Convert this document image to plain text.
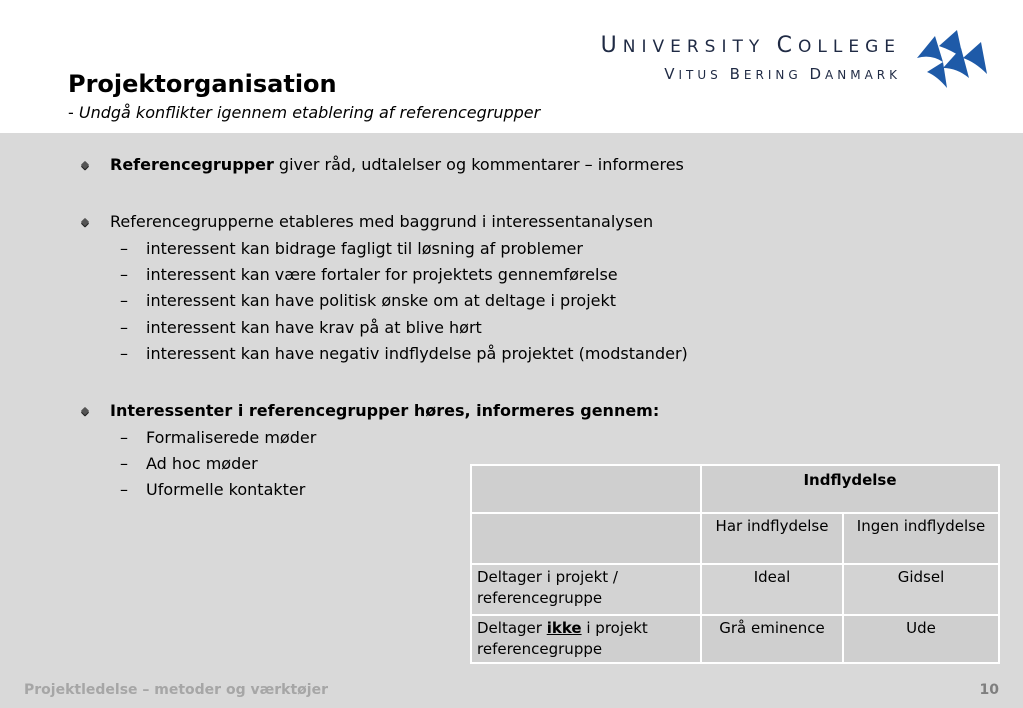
Projektorganisation

- Undgå konflikter igennem etablering af referencegrupper

UNIVERSITY COLLEGE
VITUS BERING DANMARK
Referencegrupper giver råd, udtalelser og kommentarer – informeres
Referencegrupperne etableres med baggrund i interessentanalysen
– interessent kan bidrage fagligt til løsning af problemer
– interessent kan være fortaler for projektets gennemførelse
– interessent kan have politisk ønske om at deltage i projekt
– interessent kan have krav på at blive hørt
– interessent kan have negativ indflydelse på projektet (modstander)
Interessenter i referencegrupper høres, informeres gennem:
– Formaliserede møder
– Ad hoc møder
– Uformelle kontakter
		Indflydelse	
	Har indflydelse	Ingen indflydelse
Deltager i projekt / referencegruppe	Ideal	Gidsel
Deltager ikke i projekt referencegruppe	Grå eminence	Ude
Projektledelse – metoder og værktøjer	10
